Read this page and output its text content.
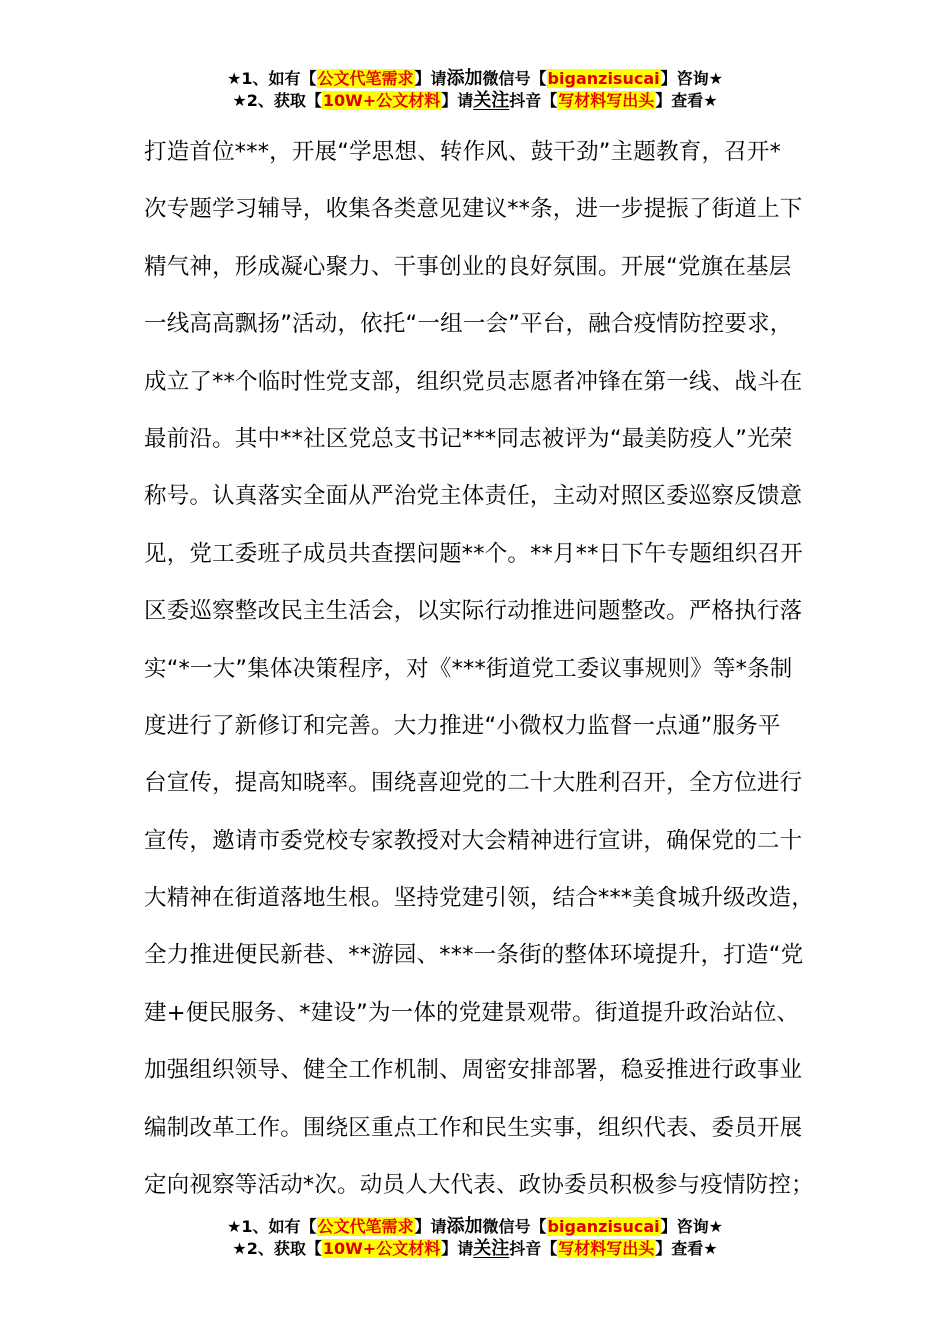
★1、如有【公文代笔需求】请添加微信号【biganzisucai】咨询★
★2、获取【10W+公文材料】请关注抖音【写材料写出头】查看★
打造首位***，开展“学思想、转作风、鼓干劲”主题教育，召开*
次专题学习辅导，收集各类意见建议**条，进一步提振了街道上下
精气神，形成凝心聚力、干事创业的良好氛围。开展“党旗在基层
一线高高飘扬”活动，依托“一组一会”平台，融合疫情防控要求，
成立了**个临时性党支部，组织党员志愿者冲锋在第一线、战斗在
最前沿。其中**社区党总支书记***同志被评为“最美防疫人”光荣
称号。认真落实全面从严治党主体责任，主动对照区委巡察反馈意
见，党工委班子成员共查摆问题**个。**月**日下午专题组织召开
区委巡察整改民主生活会，以实际行动推进问题整改。严格执行落
实“*一大”集体决策程序，对《***街道党工委议事规则》等*条制
度进行了新修订和完善。大力推进“小微权力监督一点通”服务平
台宣传，提高知晓率。围绕喜迎党的二十大胜利召开，全方位进行
宣传，邀请市委党校专家教授对大会精神进行宣讲，确保党的二十
大精神在街道落地生根。坚持党建引领，结合***美食城升级改造，
全力推进便民新巷、**游园、***一条街的整体环境提升，打造“党
建+便民服务、*建设”为一体的党建景观带。街道提升政治站位、
加强组织领导、健全工作机制、周密安排部署，稳妥推进行政事业
编制改革工作。围绕区重点工作和民生实事，组织代表、委员开展
定向视察等活动*次。动员人大代表、政协委员积极参与疫情防控；
★1、如有【公文代笔需求】请添加微信号【biganzisucai】咨询★
★2、获取【10W+公文材料】请关注抖音【写材料写出头】查看★
